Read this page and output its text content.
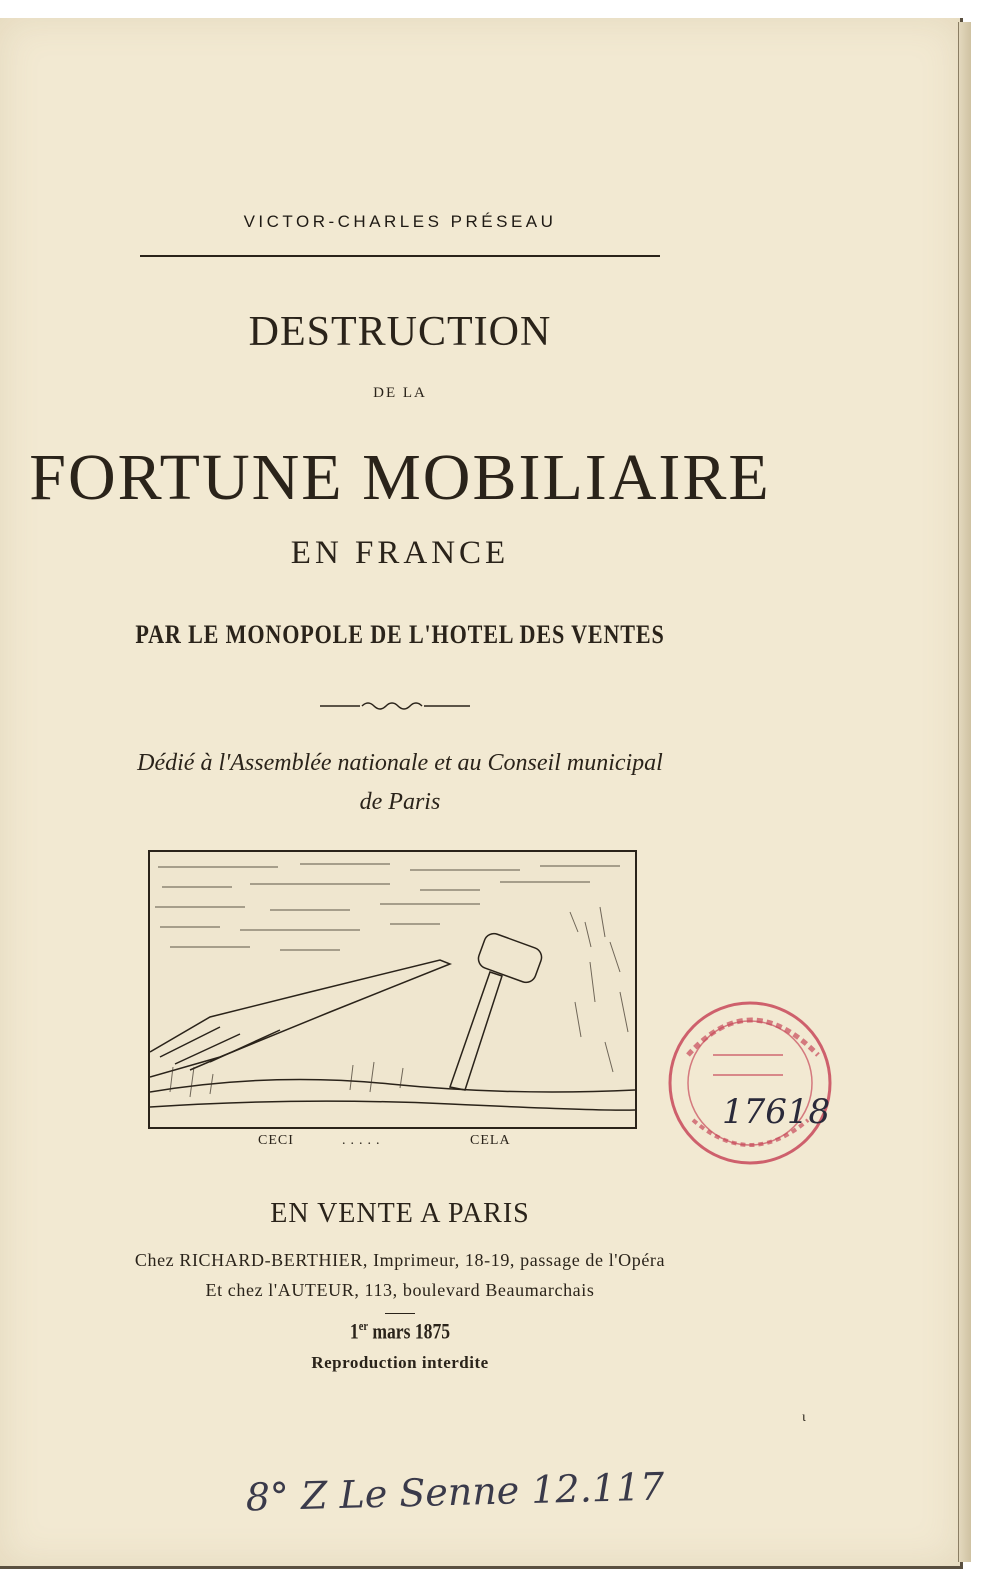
VICTOR-CHARLES PRÉSEAU
DESTRUCTION
DE LA
FORTUNE MOBILIAIRE
EN FRANCE
PAR LE MONOPOLE DE L'HOTEL DES VENTES
Dédié à l'Assemblée nationale et au Conseil municipal
de Paris
CECI	.....	CELA
17618
EN VENTE A PARIS
Chez RICHARD-BERTHIER, Imprimeur, 18-19, passage de l'Opéra
Et chez l'AUTEUR, 113, boulevard Beaumarchais
1er mars 1875
Reproduction interdite
ι
8° Z Le Senne 12.117
